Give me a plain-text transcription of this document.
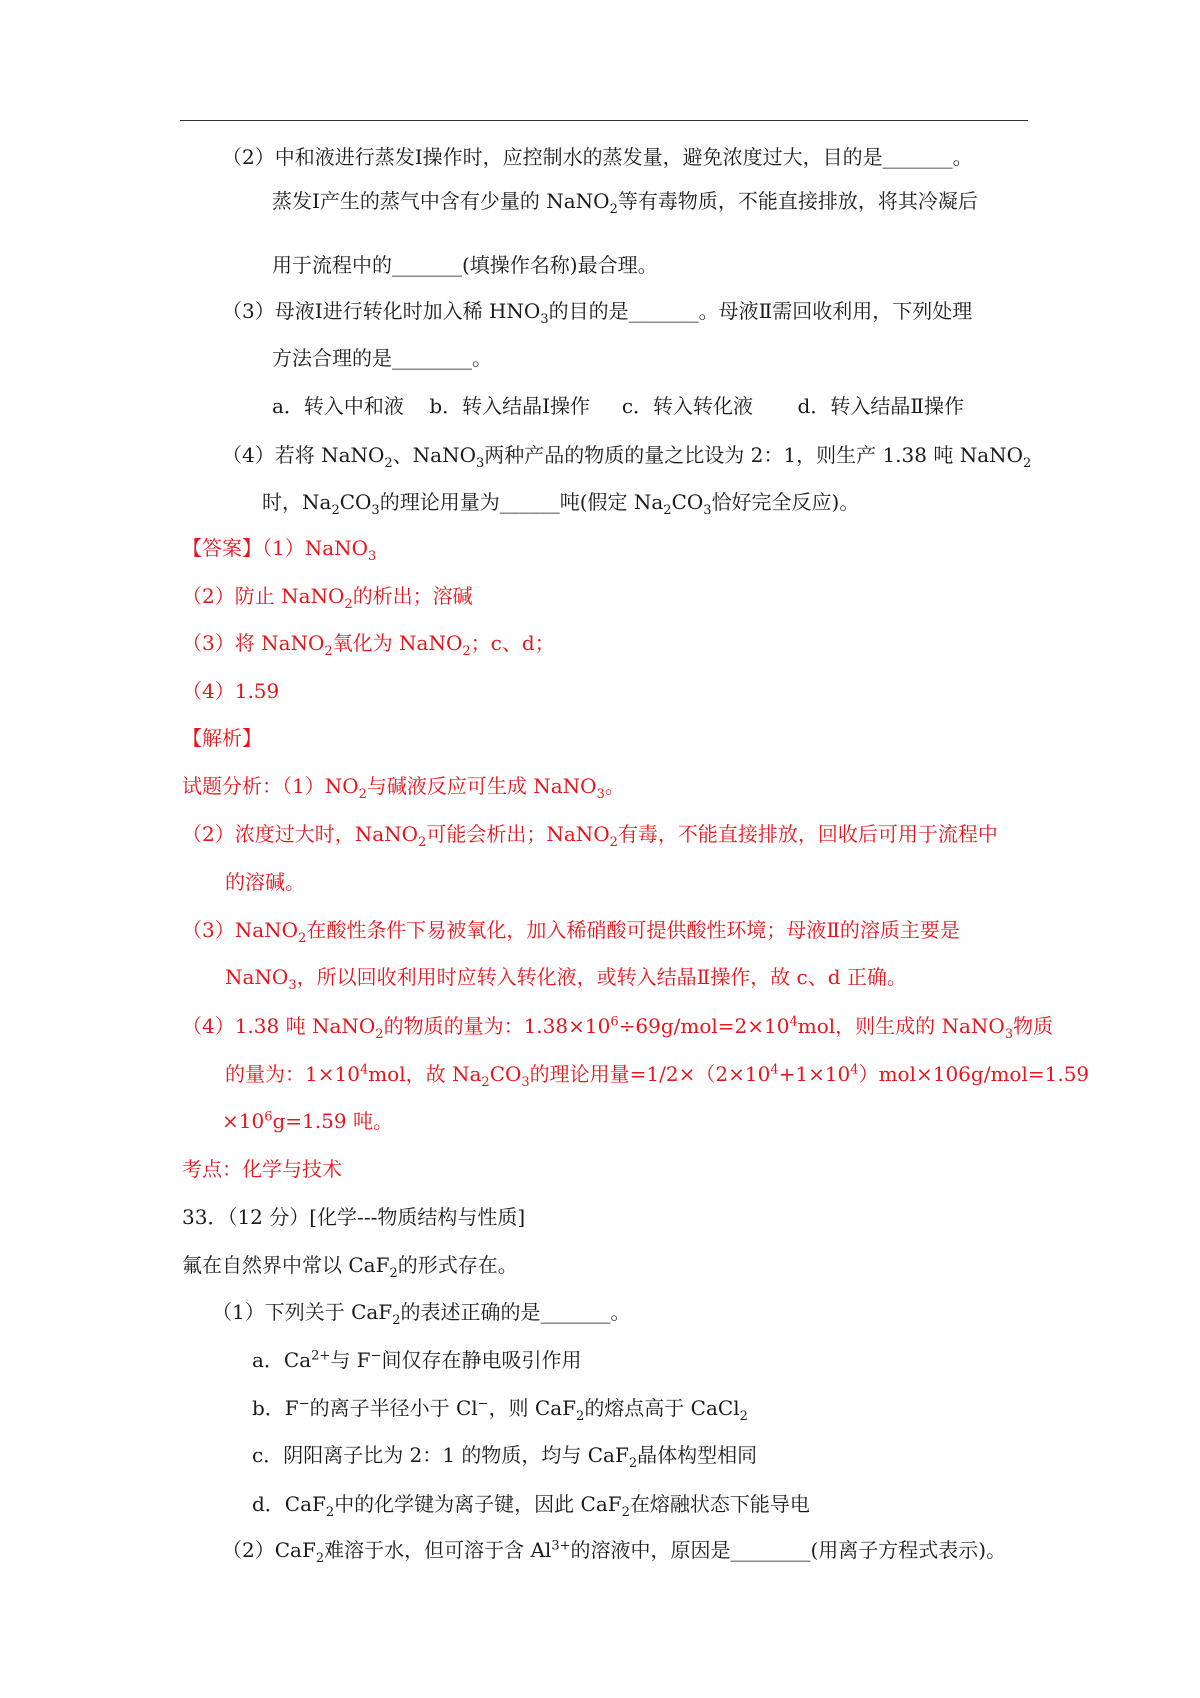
（2）中和液进行蒸发Ⅰ操作时，应控制水的蒸发量，避免浓度过大，目的是_______。
蒸发Ⅰ产生的蒸气中含有少量的 NaNO$_2$等有毒物质，不能直接排放，将其冷凝后
用于流程中的_______(填操作名称)最合理。
（3）母液Ⅰ进行转化时加入稀 $HNO_3$的目的是_______。母液Ⅱ需回收利用，下列处理
方法合理的是________。
a．转入中和液    b．转入结晶Ⅰ操作     c．转入转化液       d．转入结晶Ⅱ操作
（4）若将 NaNO$_2$、NaNO$_3$两种产品的物质的量之比设为 2：1，则生产 1.38 吨 NaNO$_2$
时，$Na_2CO_3$的理论用量为______吨(假定 $Na_2CO_3$恰好完全反应)。
【答案】（1）NaNO$_3$
（2）防止 NaNO$_2$的析出；溶碱
（3）将 NaNO$_2$氧化为 NaNO$_2$；c、d；
（4）1.59
【解析】
试题分析：$(1)NO_2$与碱液反应可生成 NaNO$_3$。
（2）浓度过大时，NaNO$_2$可能会析出；NaNO$_2$有毒，不能直接排放，回收后可用于流程中
的溶碱。
（3）NaNO$_2$在酸性条件下易被氧化，加入稀硝酸可提供酸性环境；母液Ⅱ的溶质主要是
NaNO$_3$，所以回收利用时应转入转化液，或转入结晶Ⅱ操作，故 c、d 正确。
（4）1.38 吨 NaNO$_2$的物质的量为：$1.38\times 10^6\div 69g/mol=2\times 10^4mol$，则生成的 NaNO$_3$物质
的量为：$1\times 10^4mol$，故 $Na_2CO_3$的理论用量$=1/2\times(2\times 10^4+1\times 10^4)mol\times 106g/mol=1.59$
$\times 10^6g=1.59$ 吨。
考点：化学与技术
33．（12 分）[化学---物质结构与性质]
氟在自然界中常以 CaF$_2$的形式存在。
（1）下列关于 CaF$_2$的表述正确的是_______。
a．$Ca^{2+}$与 F−间仅存在静电吸引作用
b．F−的离子半径小于 Cl−，则 CaF$_2$的熔点高于 CaCl$_2$
c．阴阳离子比为 2：1 的物质，均与 CaF$_2$晶体构型相同
d．CaF$_2$中的化学键为离子键，因此 CaF$_2$在熔融状态下能导电
（2）CaF$_2$难溶于水，但可溶于含 $Al^{3+}$的溶液中，原因是________(用离子方程式表示)。
